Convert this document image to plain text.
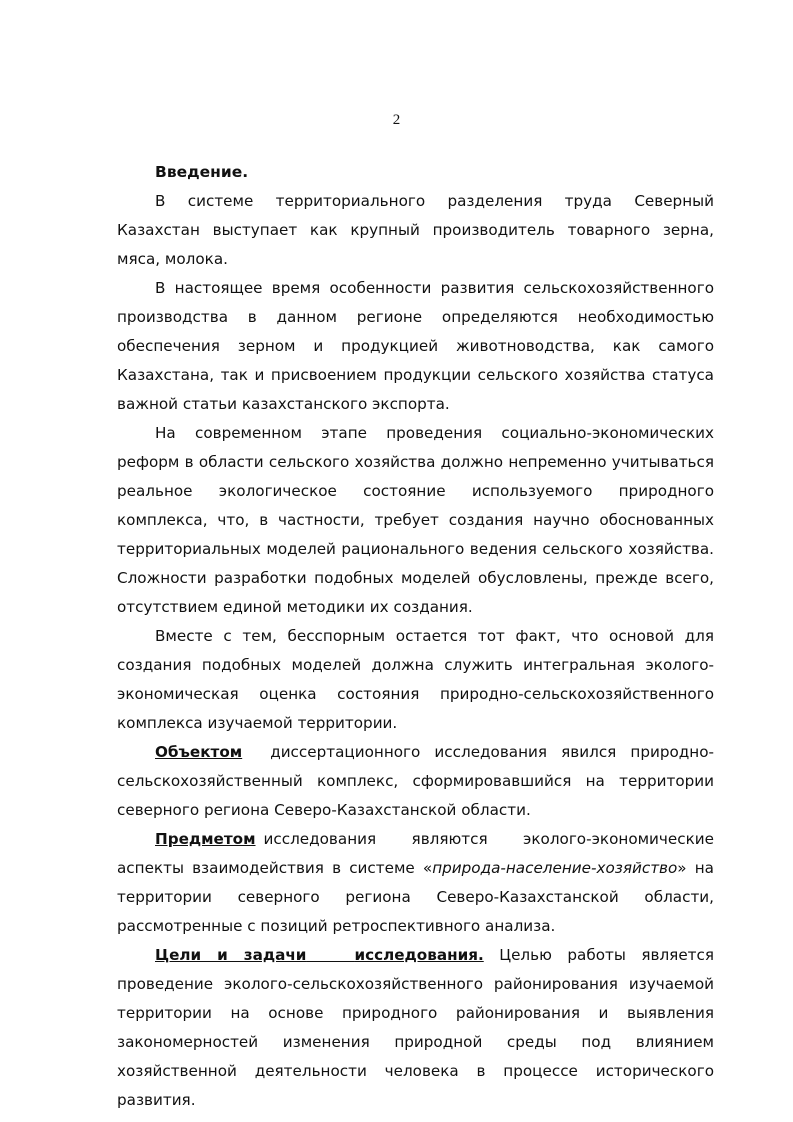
2

Введение.

В системе территориального разделения труда Северный Казахстан выступает как крупный производитель товарного зерна, мяса, молока.

В настоящее время особенности развития сельскохозяйственного производства в данном регионе определяются необходимостью обеспечения зерном и продукцией животноводства, как самого Казахстана, так и присвоением продукции сельского хозяйства статуса важной статьи казахстанского экспорта.

На современном этапе проведения социально-экономических реформ в области сельского хозяйства должно непременно учитываться реальное экологическое состояние используемого природного комплекса, что, в частности, требует создания научно обоснованных территориальных моделей рационального ведения сельского хозяйства. Сложности разработки подобных моделей обусловлены, прежде всего, отсутствием единой методики их создания.

Вместе с тем, бесспорным остается тот факт, что основой для создания подобных моделей должна служить интегральная эколого-экономическая оценка состояния природно-сельскохозяйственного комплекса изучаемой территории.

Объектом диссертационного исследования явился природно-сельскохозяйственный комплекс, сформировавшийся на территории северного региона Северо-Казахстанской области.

Предметом исследования являются эколого-экономические аспекты взаимодействия в системе «природа-население-хозяйство» на территории северного региона Северо-Казахстанской области, рассмотренные с позиций ретроспективного анализа.

Цели и задачи	исследования. Целью работы является проведение эколого-сельскохозяйственного районирования изучаемой территории на основе природного районирования и выявления закономерностей изменения природной среды под влиянием хозяйственной деятельности человека в процессе исторического развития.
